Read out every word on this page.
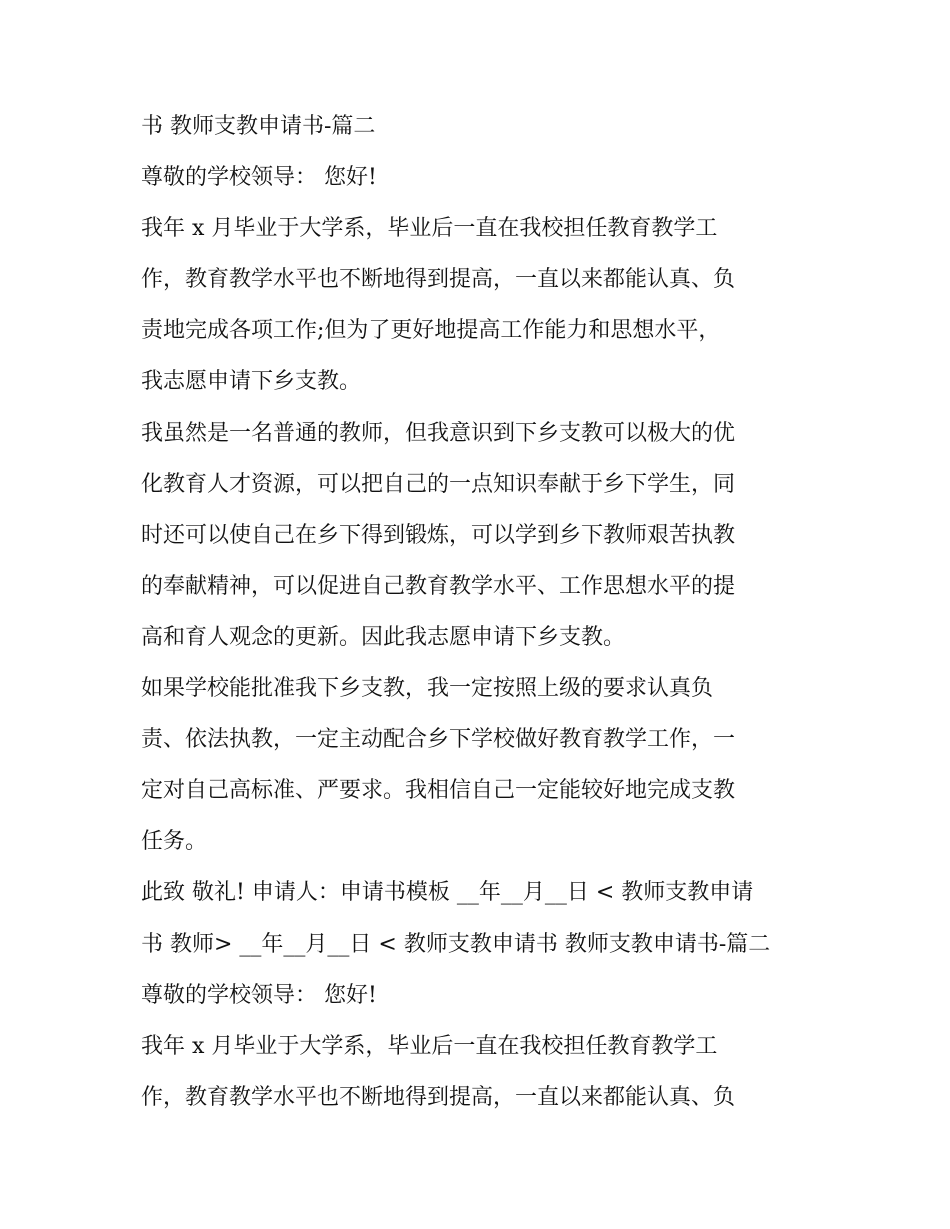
书 教师支教申请书-篇二
尊敬的学校领导： 您好!
我年 x 月毕业于大学系，毕业后一直在我校担任教育教学工
作，教育教学水平也不断地得到提高，一直以来都能认真、负
责地完成各项工作;但为了更好地提高工作能力和思想水平，
我志愿申请下乡支教。
我虽然是一名普通的教师，但我意识到下乡支教可以极大的优
化教育人才资源，可以把自己的一点知识奉献于乡下学生，同
时还可以使自己在乡下得到锻炼，可以学到乡下教师艰苦执教
的奉献精神，可以促进自己教育教学水平、工作思想水平的提
高和育人观念的更新。因此我志愿申请下乡支教。
如果学校能批准我下乡支教，我一定按照上级的要求认真负
责、依法执教，一定主动配合乡下学校做好教育教学工作，一
定对自己高标准、严要求。我相信自己一定能较好地完成支教
任务。
此致 敬礼! 申请人：申请书模板 __年__月__日 < 教师支教申请
书 教师> __年__月__日 < 教师支教申请书 教师支教申请书-篇二
尊敬的学校领导： 您好!
我年 x 月毕业于大学系，毕业后一直在我校担任教育教学工
作，教育教学水平也不断地得到提高，一直以来都能认真、负
